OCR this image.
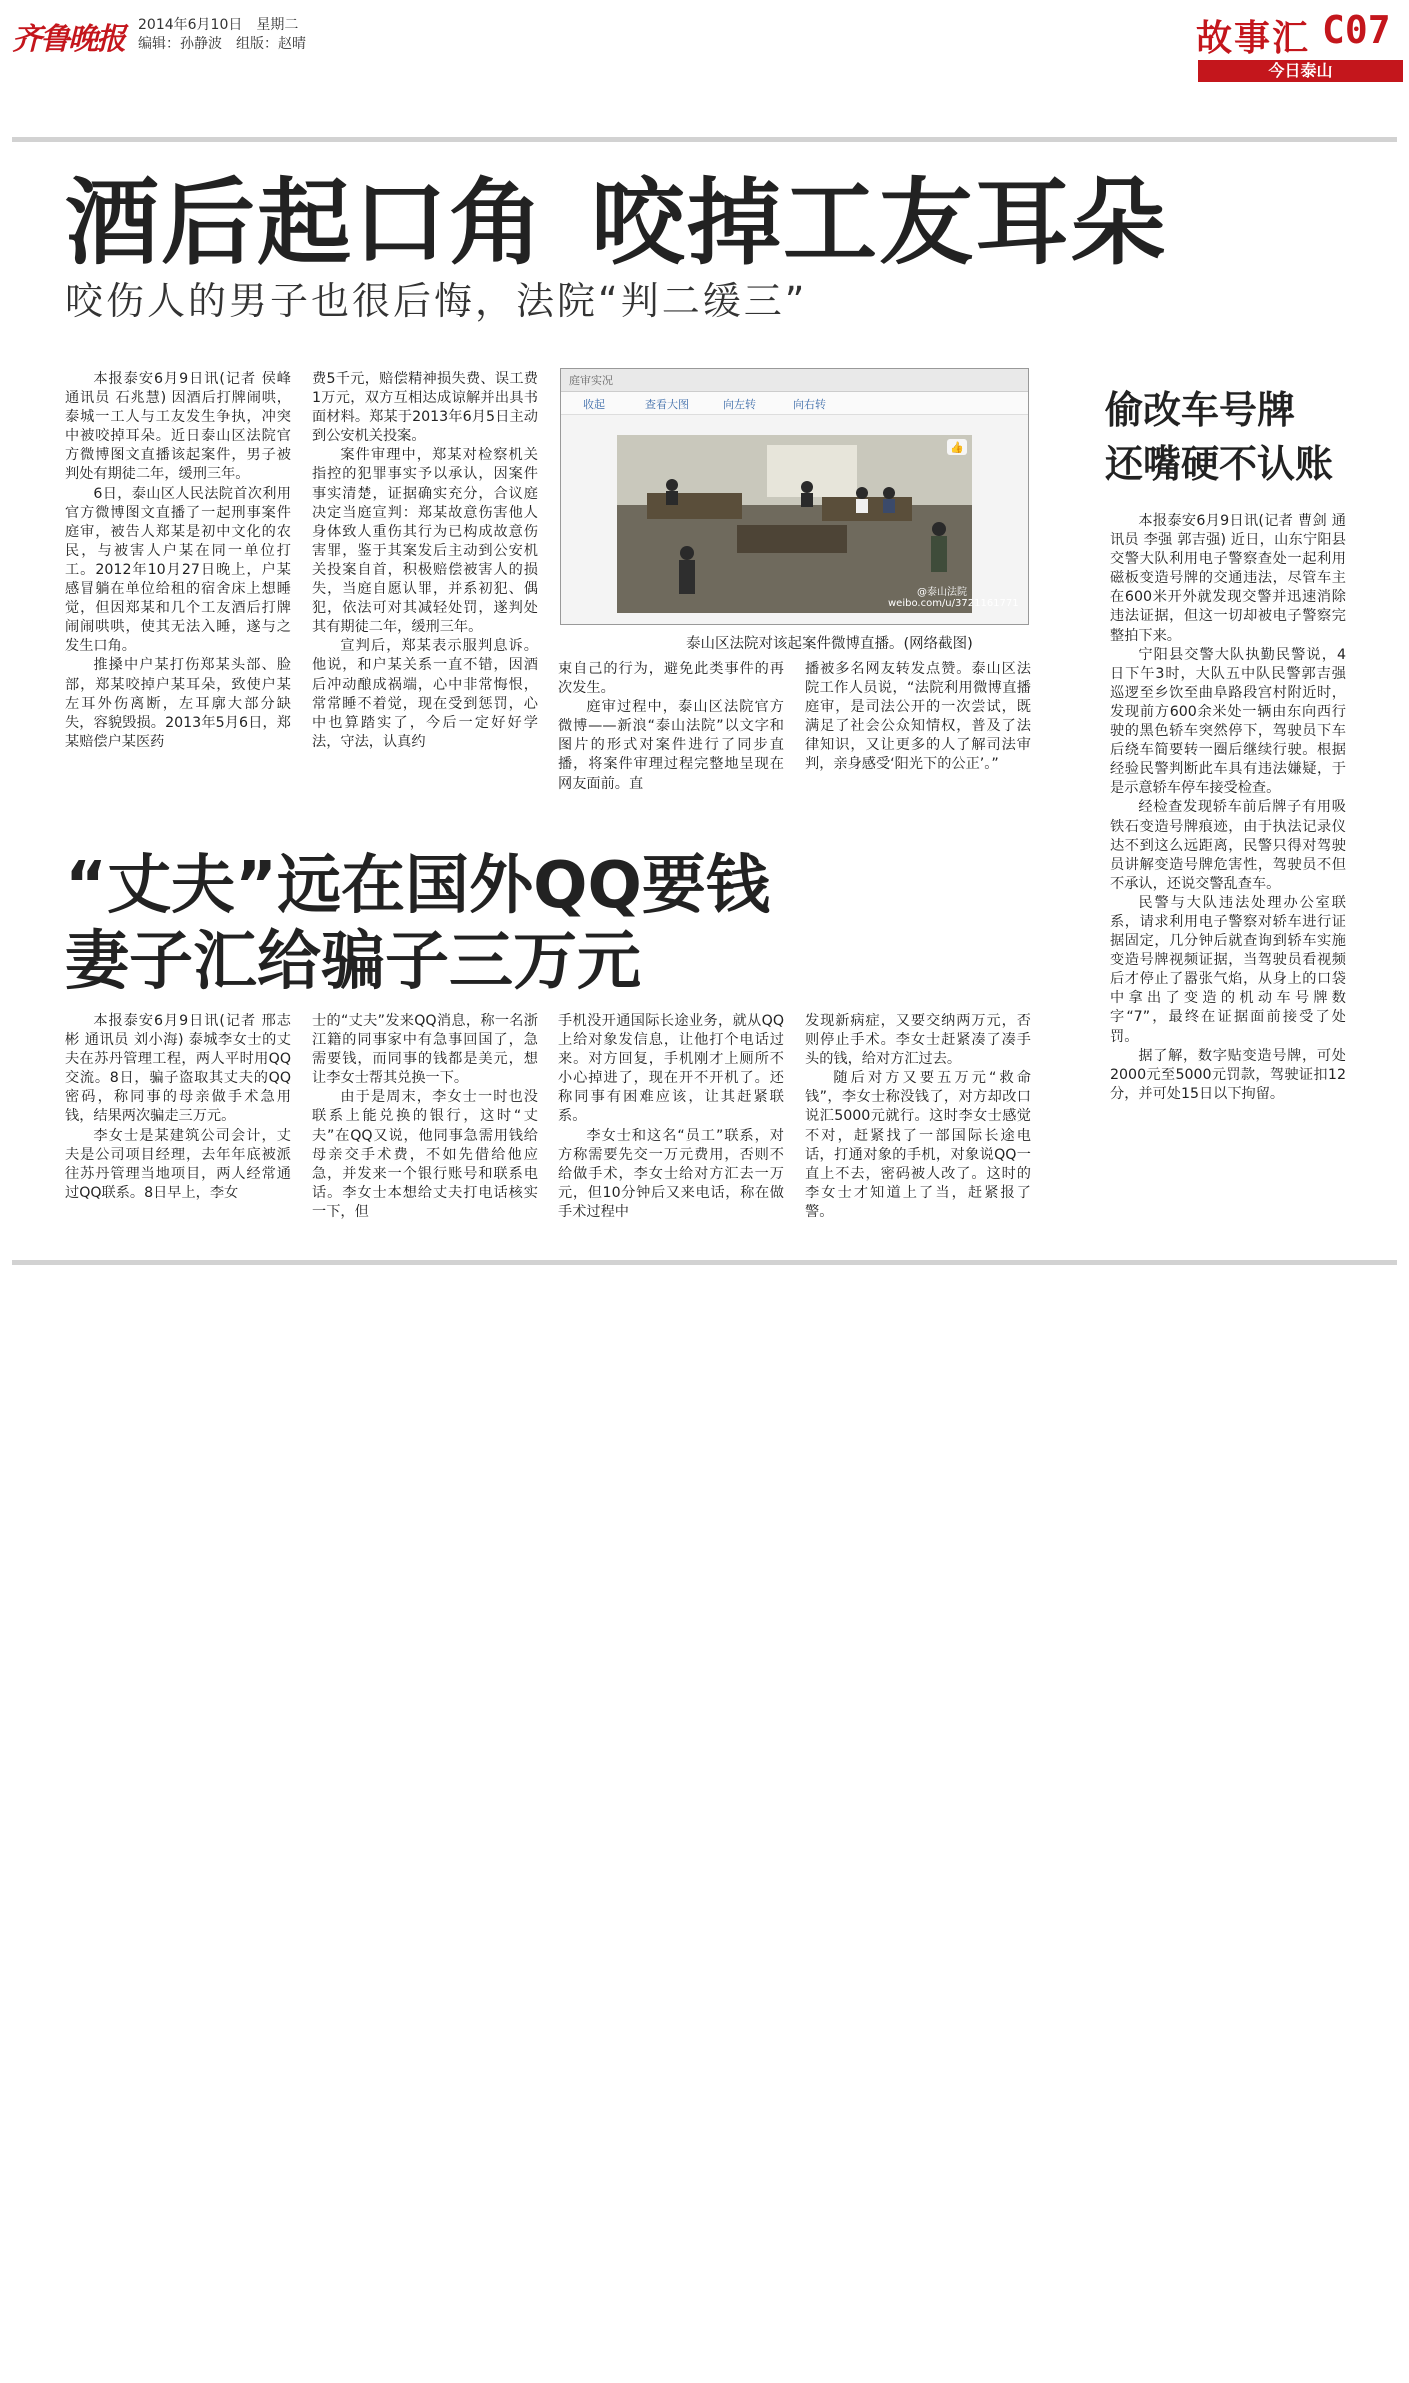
齐鲁晚报 2014年6月10日 星期二
编辑：孙静波 组版：赵晴	故事汇 C07
今日泰山
酒后起口角 咬掉工友耳朵
咬伤人的男子也很后悔，法院“判二缓三”

本报泰安6月9日讯(记者 侯峰 通讯员 石兆慧) 因酒后打牌闹哄，泰城一工人与工友发生争执，冲突中被咬掉耳朵。近日泰山区法院官方微博图文直播该起案件，男子被判处有期徒二年，缓刑三年。

6日，泰山区人民法院首次利用官方微博图文直播了一起刑事案件庭审，被告人郑某是初中文化的农民，与被害人户某在同一单位打工。2012年10月27日晚上，户某感冒躺在单位给租的宿舍床上想睡觉，但因郑某和几个工友酒后打牌闹闹哄哄，使其无法入睡，遂与之发生口角。

推搡中户某打伤郑某头部、脸部，郑某咬掉户某耳朵，致使户某左耳外伤离断，左耳廓大部分缺失，容貌毁损。2013年5月6日，郑某赔偿户某医药

费5千元，赔偿精神损失费、误工费1万元，双方互相达成谅解并出具书面材料。郑某于2013年6月5日主动到公安机关投案。

案件审理中，郑某对检察机关指控的犯罪事实予以承认，因案件事实清楚，证据确实充分，合议庭决定当庭宣判：郑某故意伤害他人身体致人重伤其行为已构成故意伤害罪，鉴于其案发后主动到公安机关投案自首，积极赔偿被害人的损失，当庭自愿认罪，并系初犯、偶犯，依法可对其减轻处罚，遂判处其有期徒二年，缓刑三年。

宣判后，郑某表示服判息诉。他说，和户某关系一直不错，因酒后冲动酿成祸端，心中非常悔恨，常常睡不着觉，现在受到惩罚，心中也算踏实了，今后一定好好学法，守法，认真约

庭审实况
收起	查看大图	向左转	向右转
👍
@泰山法院
weibo.com/u/3721161771
泰山区法院对该起案件微博直播。(网络截图)

束自己的行为，避免此类事件的再次发生。

庭审过程中，泰山区法院官方微博——新浪“泰山法院”以文字和图片的形式对案件进行了同步直播，将案件审理过程完整地呈现在网友面前。直

播被多名网友转发点赞。泰山区法院工作人员说，“法院利用微博直播庭审，是司法公开的一次尝试，既满足了社会公众知情权，普及了法律知识，又让更多的人了解司法审判，亲身感受‘阳光下的公正’。”

“丈夫”远在国外QQ要钱
妻子汇给骗子三万元

本报泰安6月9日讯(记者 邢志彬 通讯员 刘小海) 泰城李女士的丈夫在苏丹管理工程，两人平时用QQ交流。8日，骗子盗取其丈夫的QQ密码，称同事的母亲做手术急用钱，结果两次骗走三万元。

李女士是某建筑公司会计，丈夫是公司项目经理，去年年底被派往苏丹管理当地项目，两人经常通过QQ联系。8日早上，李女

士的“丈夫”发来QQ消息，称一名浙江籍的同事家中有急事回国了，急需要钱，而同事的钱都是美元，想让李女士帮其兑换一下。

由于是周末，李女士一时也没联系上能兑换的银行，这时“丈夫”在QQ又说，他同事急需用钱给母亲交手术费，不如先借给他应急，并发来一个银行账号和联系电话。李女士本想给丈夫打电话核实一下，但

手机没开通国际长途业务，就从QQ上给对象发信息，让他打个电话过来。对方回复，手机刚才上厕所不小心掉进了，现在开不开机了。还称同事有困难应该，让其赶紧联系。

李女士和这名“员工”联系，对方称需要先交一万元费用，否则不给做手术，李女士给对方汇去一万元，但10分钟后又来电话，称在做手术过程中

发现新病症，又要交纳两万元，否则停止手术。李女士赶紧凑了凑手头的钱，给对方汇过去。

随后对方又要五万元“救命钱”，李女士称没钱了，对方却改口说汇5000元就行。这时李女士感觉不对，赶紧找了一部国际长途电话，打通对象的手机，对象说QQ一直上不去，密码被人改了。这时的李女士才知道上了当，赶紧报了警。

偷改车号牌
还嘴硬不认账

本报泰安6月9日讯(记者 曹剑 通讯员 李强 郭吉强) 近日，山东宁阳县交警大队利用电子警察查处一起利用磁板变造号牌的交通违法，尽管车主在600米开外就发现交警并迅速消除违法证据，但这一切却被电子警察完整拍下来。

宁阳县交警大队执勤民警说，4日下午3时，大队五中队民警郭吉强巡逻至乡饮至曲阜路段宫村附近时，发现前方600余米处一辆由东向西行驶的黑色轿车突然停下，驾驶员下车后绕车简要转一圈后继续行驶。根据经验民警判断此车具有违法嫌疑，于是示意轿车停车接受检查。

经检查发现轿车前后牌子有用吸铁石变造号牌痕迹，由于执法记录仪达不到这么远距离，民警只得对驾驶员讲解变造号牌危害性，驾驶员不但不承认，还说交警乱查车。

民警与大队违法处理办公室联系，请求利用电子警察对轿车进行证据固定，几分钟后就查询到轿车实施变造号牌视频证据，当驾驶员看视频后才停止了嚣张气焰，从身上的口袋中拿出了变造的机动车号牌数字“7”，最终在证据面前接受了处罚。

据了解，数字贴变造号牌，可处2000元至5000元罚款，驾驶证扣12分，并可处15日以下拘留。
